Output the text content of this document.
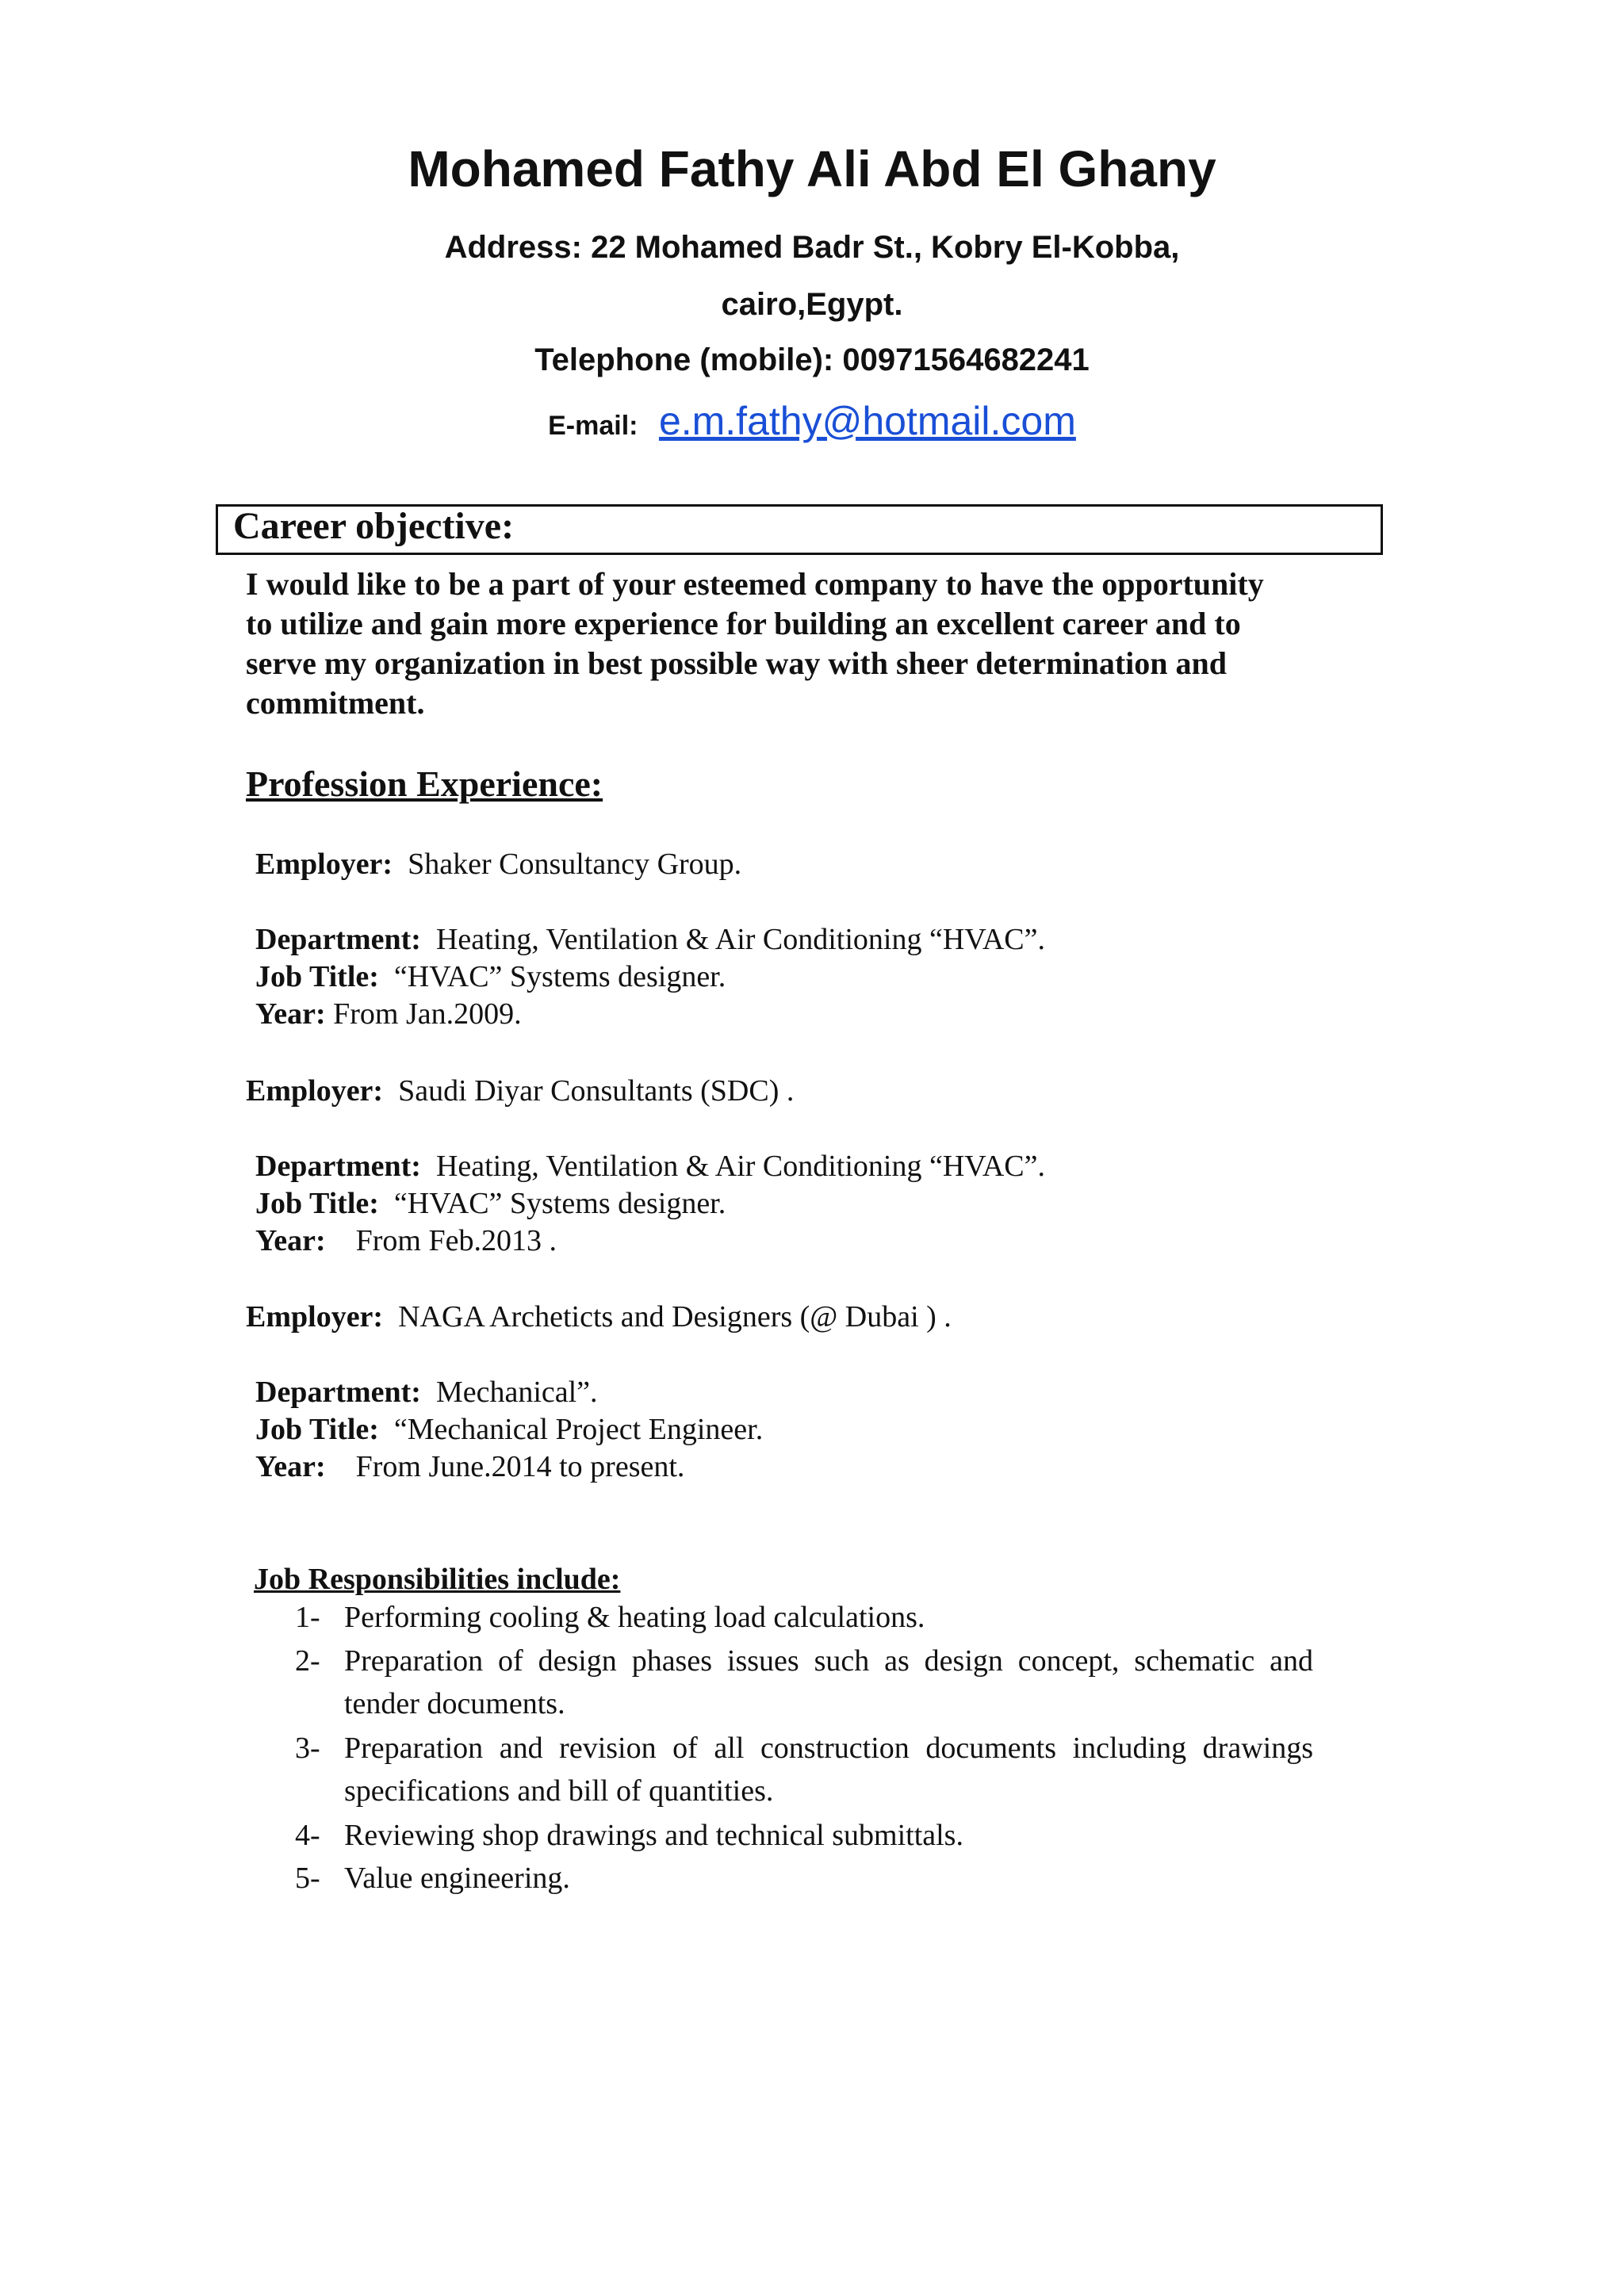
Mohamed Fathy Ali Abd El Ghany
Address: 22 Mohamed Badr St., Kobry El-Kobba,
cairo,Egypt.
Telephone (mobile): 00971564682241
E-mail: e.m.fathy@hotmail.com
Career objective:

I would like to be a part of your esteemed company to have the opportunity

to utilize and gain more experience for building an excellent career and to

serve my organization in best possible way with sheer determination and

commitment.

Profession Experience:
Employer: Shaker Consultancy Group.
Department: Heating, Ventilation & Air Conditioning “HVAC”.
Job Title: “HVAC” Systems designer.
Year: From Jan.2009.
Employer: Saudi Diyar Consultants (SDC) .
Department: Heating, Ventilation & Air Conditioning “HVAC”.
Job Title: “HVAC” Systems designer.
Year: From Feb.2013 .
Employer: NAGA Archeticts and Designers (@ Dubai ) .
Department: Mechanical”.
Job Title: “Mechanical Project Engineer.
Year: From June.2014 to present.
Job Responsibilities include:
1- Performing cooling & heating load calculations.
2- Preparation of design phases issues such as design concept, schematic and tender documents.
3- Preparation and revision of all construction documents including drawings specifications and bill of quantities.
4- Reviewing shop drawings and technical submittals.
5- Value engineering.
